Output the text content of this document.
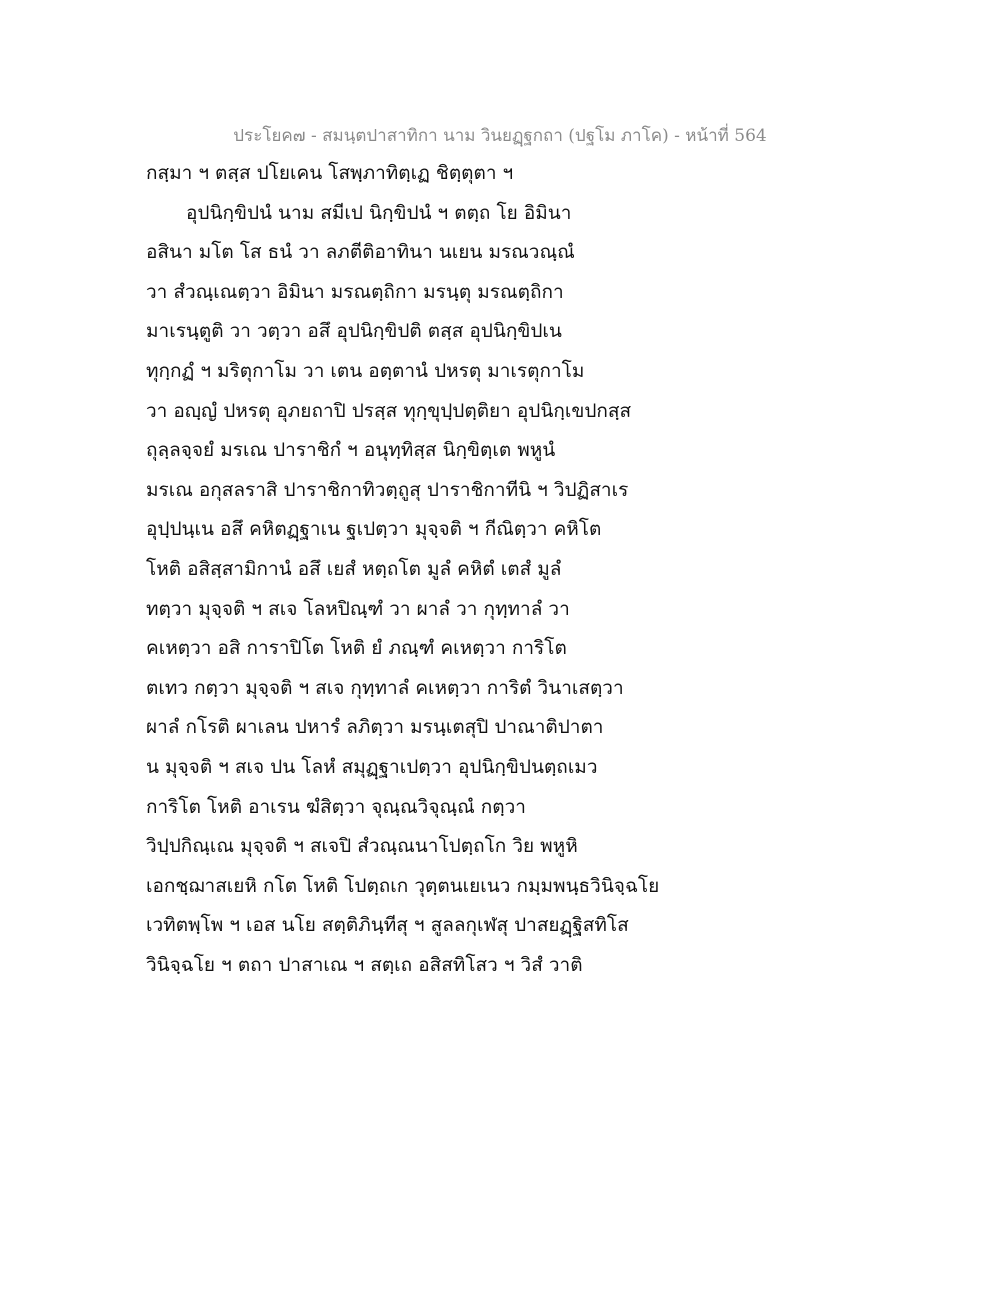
ประโยค๗ - สมนฺตปาสาทิกา นาม วินยฏฺฐกถา (ปฐโม ภาโค) - หน้าที่ 564
กสฺมา ฯ ตสฺส ปโยเคน โสพฺภาทิตฺเฏ ชิตฺตุตา ฯ
อุปนิกฺขิปนํ นาม สมีเป นิกฺขิปนํ ฯ ตตฺถ โย อิมินา
อสินา มโต โส ธนํ วา ลภตีติอาทินา นเยน มรณวณฺณํ
วา สํวณฺเณตฺวา อิมินา มรณตฺถิกา มรนฺตุ มรณตฺถิกา
มาเรนฺตูติ วา วตฺวา อสึ อุปนิกฺขิปติ ตสฺส อุปนิกฺขิปเน
ทุกฺกฏํ ฯ มริตุกาโม วา เตน อตฺตานํ ปหรตุ มาเรตุกาโม
วา อญฺญํ ปหรตุ อุภยถาปิ ปรสฺส ทุกฺขุปฺปตฺติยา อุปนิกฺเขปกสฺส
ถุลฺลจฺจยํ มรเณ ปาราชิกํ ฯ อนุทฺทิสฺส นิกฺขิตฺเต พหูนํ
มรเณ อกุสลราสิ ปาราชิกาทิวตฺถูสุ ปาราชิกาทีนิ ฯ วิปฏิสาเร
อุปฺปนฺเน อสึ คหิตฏฺฐาเน ฐเปตฺวา มุจฺจติ ฯ กีณิตฺวา คหิโต
โหติ อสิสฺสามิกานํ อสึ เยสํ หตฺถโต มูลํ คหิตํ เตสํ มูลํ
ทตฺวา มุจฺจติ ฯ สเจ โลหปิณฺฑํ วา ผาลํ วา กุทฺทาลํ วา
คเหตฺวา อสิ การาปิโต โหติ ยํ ภณฺฑํ คเหตฺวา การิโต
ตเทว กตฺวา มุจฺจติ ฯ สเจ กุทฺทาลํ คเหตฺวา การิตํ วินาเสตฺวา
ผาลํ กโรติ ผาเลน ปหารํ ลภิตฺวา มรนฺเตสุปิ ปาณาติปาตา
น มุจฺจติ ฯ สเจ ปน โลหํ สมุฏฺฐาเปตฺวา อุปนิกฺขิปนตฺถเมว
การิโต โหติ อาเรน ฆํสิตฺวา จุณฺณวิจุณฺณํ กตฺวา
วิปฺปกิณฺเณ มุจฺจติ ฯ สเจปิ สํวณฺณนาโปตฺถโก วิย พหูหิ
เอกชฺฌาสเยหิ กโต โหติ โปตฺถเก วุตฺตนเยเนว กมฺมพนฺธวินิจฺฉโย
เวทิตพฺโพ ฯ เอส นโย สตฺติภินฺทีสุ ฯ สูลลกุเฬสุ ปาสยฏฺฐิสทิโส
วินิจฺฉโย ฯ ตถา ปาสาเณ ฯ สตฺเถ อสิสทิโสว ฯ วิสํ วาติ
